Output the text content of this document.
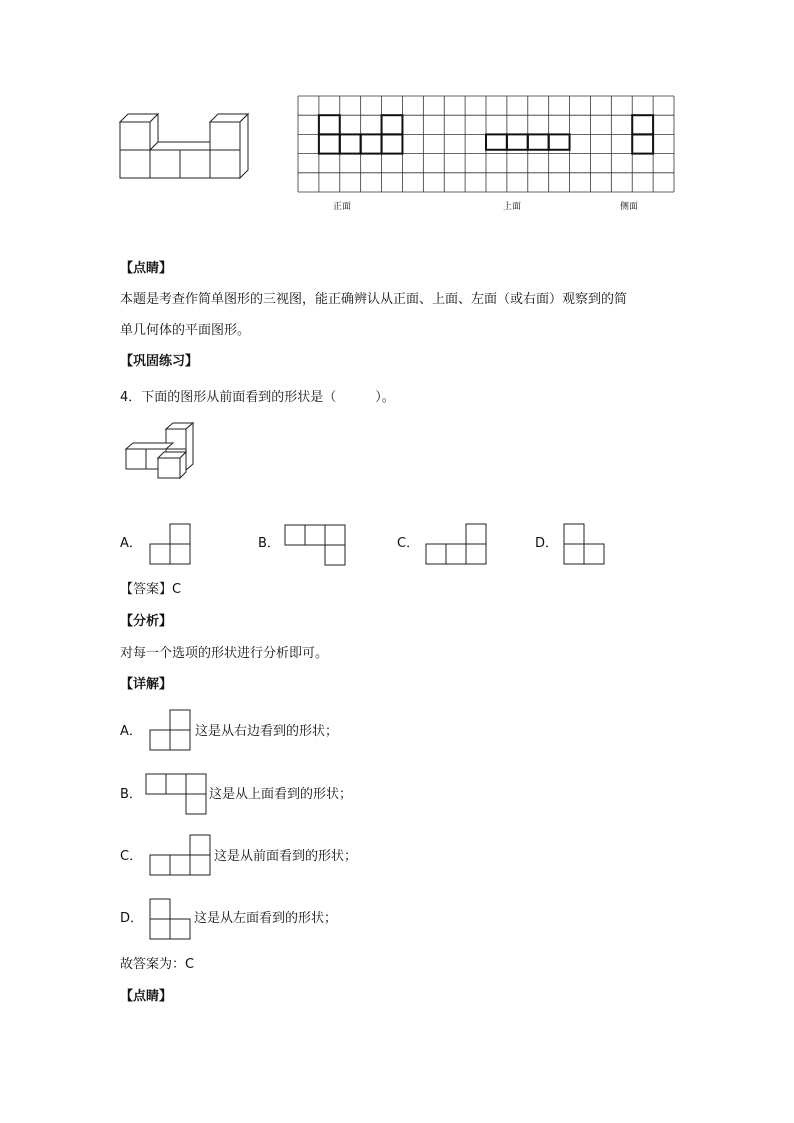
正面	上面	侧面
【点睛】
本题是考查作简单图形的三视图，能正确辨认从正面、上面、左面（或右面）观察到的简
单几何体的平面图形。
【巩固练习】
4．下面的图形从前面看到的形状是（　　　）。
A．	B．	C．	D．
【答案】C
【分析】
对每一个选项的形状进行分析即可。
【详解】
A．	这是从右边看到的形状；
B．	这是从上面看到的形状；
C．	这是从前面看到的形状；
D．	这是从左面看到的形状；
故答案为：C
【点睛】
